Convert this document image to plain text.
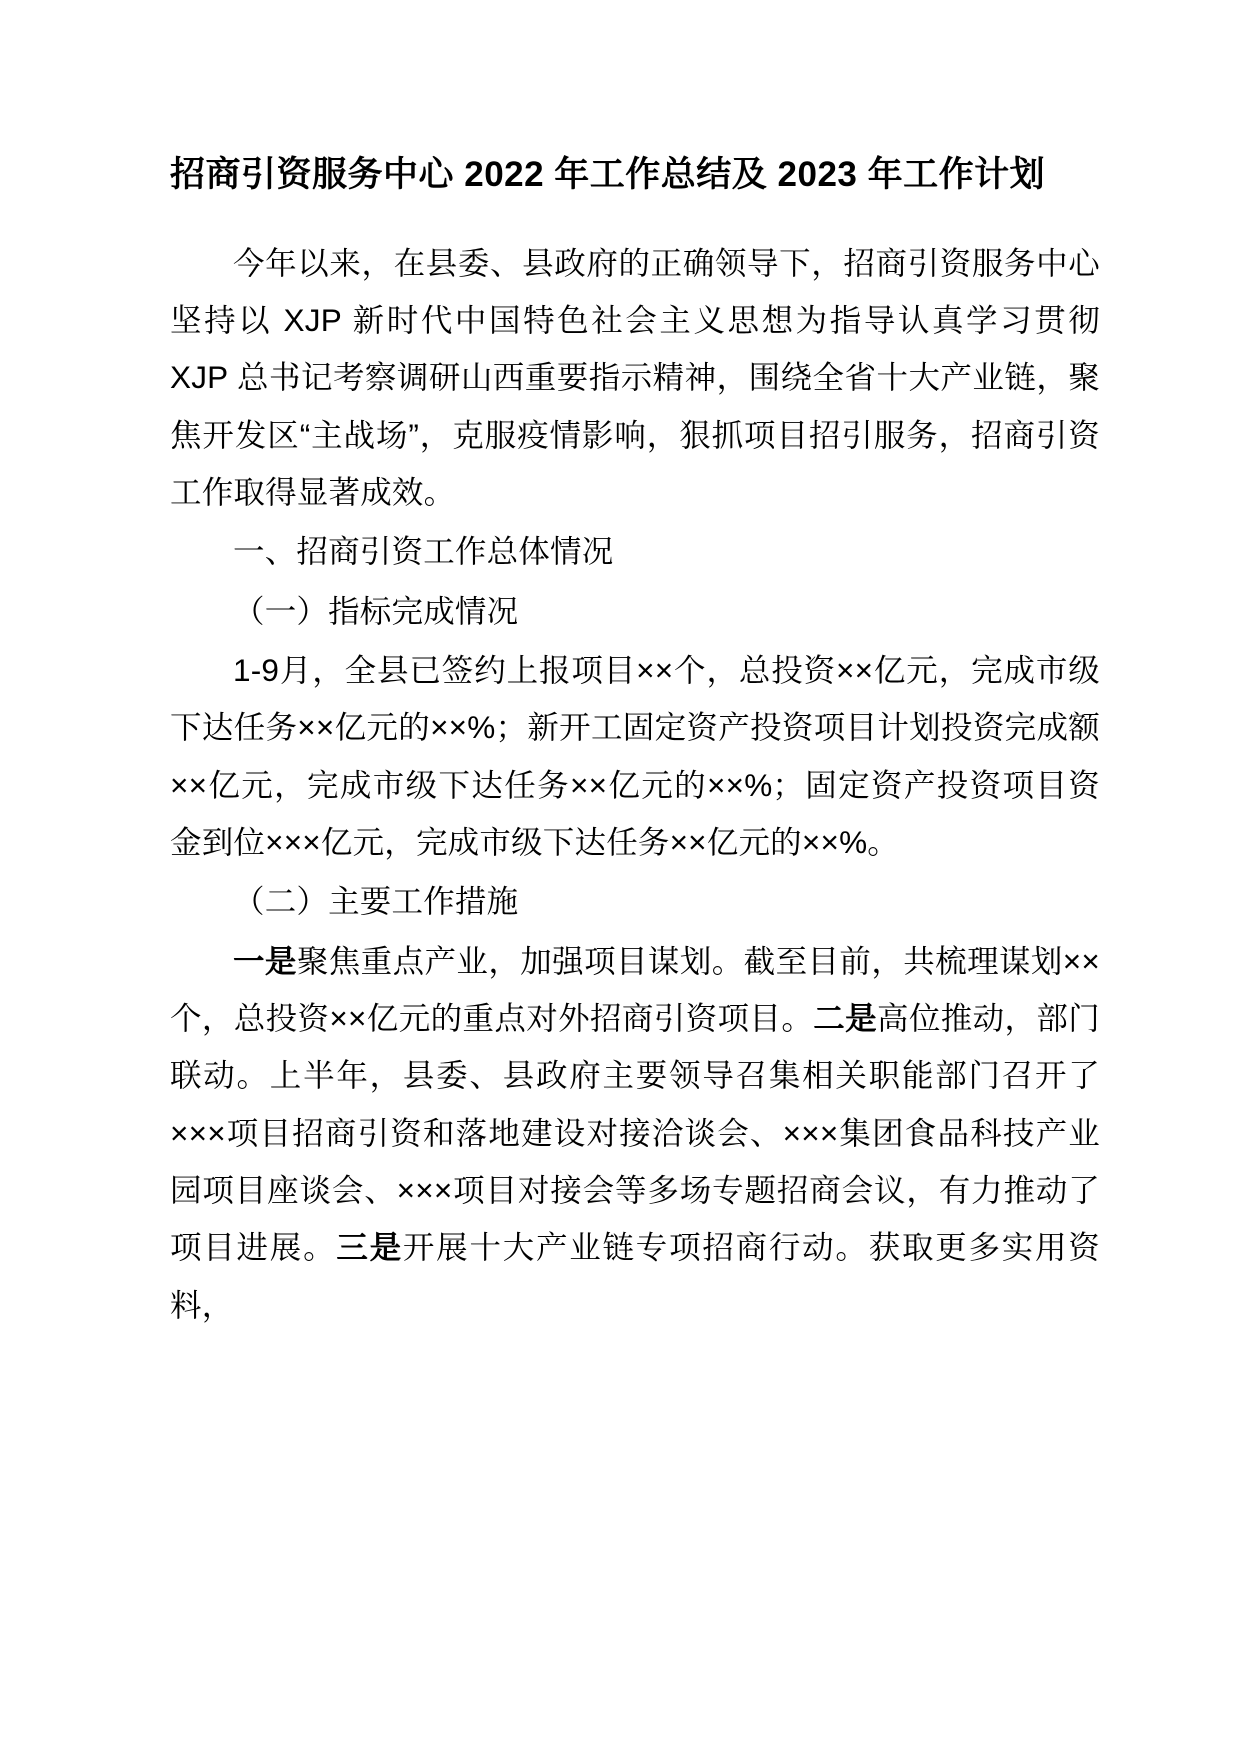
招商引资服务中心 2022 年工作总结及 2023 年工作计划

今年以来，在县委、县政府的正确领导下，招商引资服务中心坚持以 XJP 新时代中国特色社会主义思想为指导认真学习贯彻 XJP 总书记考察调研山西重要指示精神，围绕全省十大产业链，聚焦开发区“主战场”，克服疫情影响，狠抓项目招引服务，招商引资工作取得显著成效。

一、招商引资工作总体情况

（一）指标完成情况

1‑9月，全县已签约上报项目××个，总投资××亿元，完成市级下达任务××亿元的××%；新开工固定资产投资项目计划投资完成额××亿元，完成市级下达任务××亿元的××%；固定资产投资项目资金到位×××亿元，完成市级下达任务××亿元的××%。

（二）主要工作措施

一是聚焦重点产业，加强项目谋划。截至目前，共梳理谋划××个，总投资××亿元的重点对外招商引资项目。二是高位推动，部门联动。上半年，县委、县政府主要领导召集相关职能部门召开了×××项目招商引资和落地建设对接洽谈会、×××集团食品科技产业园项目座谈会、×××项目对接会等多场专题招商会议，有力推动了项目进展。三是开展十大产业链专项招商行动。获取更多实用资料，
